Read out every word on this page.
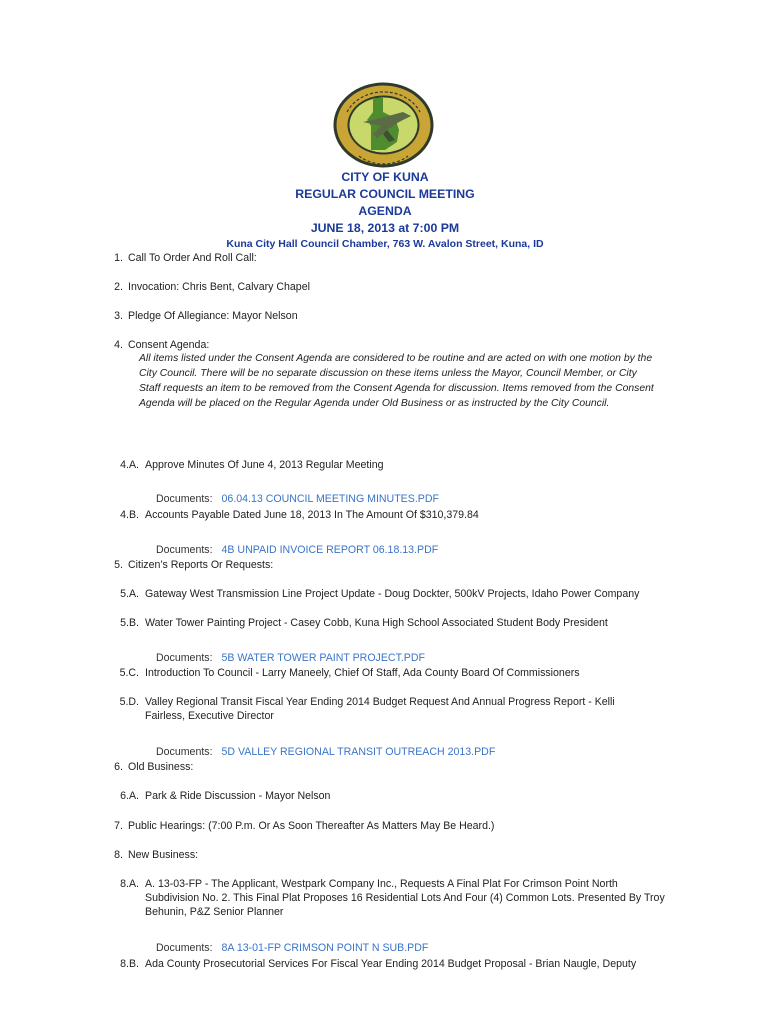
CITY OF KUNA
REGULAR COUNCIL MEETING
AGENDA
JUNE 18, 2013 at 7:00 PM
Kuna City Hall Council Chamber, 763 W. Avalon Street, Kuna, ID
1. Call To Order And Roll Call:
2. Invocation: Chris Bent, Calvary Chapel
3. Pledge Of Allegiance: Mayor Nelson
4. Consent Agenda:
All items listed under the Consent Agenda are considered to be routine and are acted on with one motion by the City Council. There will be no separate discussion on these items unless the Mayor, Council Member, or City Staff requests an item to be removed from the Consent Agenda for discussion. Items removed from the Consent Agenda will be placed on the Regular Agenda under Old Business or as instructed by the City Council.
4.A. Approve Minutes Of June 4, 2013 Regular Meeting
Documents: 06.04.13 COUNCIL MEETING MINUTES.PDF
4.B. Accounts Payable Dated June 18, 2013 In The Amount Of $310,379.84
Documents: 4B UNPAID INVOICE REPORT 06.18.13.PDF
5. Citizen’s Reports Or Requests:
5.A. Gateway West Transmission Line Project Update - Doug Dockter, 500kV Projects, Idaho Power Company
5.B. Water Tower Painting Project - Casey Cobb, Kuna High School Associated Student Body President
Documents: 5B WATER TOWER PAINT PROJECT.PDF
5.C. Introduction To Council - Larry Maneely, Chief Of Staff, Ada County Board Of Commissioners
5.D. Valley Regional Transit Fiscal Year Ending 2014 Budget Request And Annual Progress Report - Kelli Fairless, Executive Director
Documents: 5D VALLEY REGIONAL TRANSIT OUTREACH 2013.PDF
6. Old Business:
6.A. Park & Ride Discussion - Mayor Nelson
7. Public Hearings: (7:00 P.m. Or As Soon Thereafter As Matters May Be Heard.)
8. New Business:
8.A. A. 13-03-FP - The Applicant, Westpark Company Inc., Requests A Final Plat For Crimson Point North Subdivision No. 2. This Final Plat Proposes 16 Residential Lots And Four (4) Common Lots. Presented By Troy Behunin, P&Z Senior Planner
Documents: 8A 13-01-FP CRIMSON POINT N SUB.PDF
8.B. Ada County Prosecutorial Services For Fiscal Year Ending 2014 Budget Proposal - Brian Naugle, Deputy
